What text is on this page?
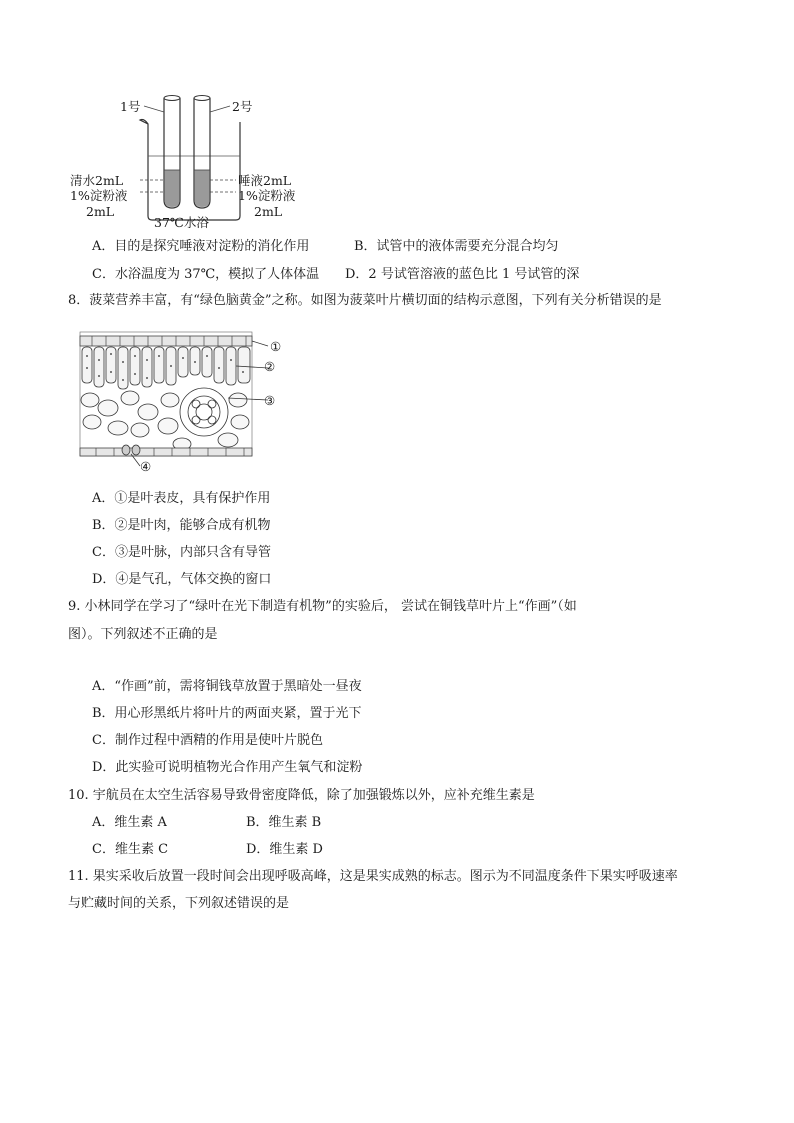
1号	2号
清水2mL
1%淀粉液
2mL
唾液2mL
1%淀粉液
2mL
37℃水浴
A．目的是探究唾液对淀粉的消化作用	B．试管中的液体需要充分混合均匀
C．水浴温度为 37℃，模拟了人体体温 D．2 号试管溶液的蓝色比 1 号试管的深
8．菠菜营养丰富，有“绿色脑黄金”之称。如图为菠菜叶片横切面的结构示意图，下列有关分析错误的是
①
②
③
④
A．①是叶表皮，具有保护作用
B．②是叶肉，能够合成有机物
C．③是叶脉，内部只含有导管
D．④是气孔，气体交换的窗口
9. 小林同学在学习了“绿叶在光下制造有机物”的实验后， 尝试在铜钱草叶片上“作画”（如
图）。下列叙述不正确的是
A．“作画”前，需将铜钱草放置于黑暗处一昼夜
B．用心形黑纸片将叶片的两面夹紧，置于光下
C．制作过程中酒精的作用是使叶片脱色
D．此实验可说明植物光合作用产生氧气和淀粉
10. 宇航员在太空生活容易导致骨密度降低，除了加强锻炼以外，应补充维生素是
A．维生素 A	B．维生素 B
C．维生素 C	D．维生素 D
11. 果实采收后放置一段时间会出现呼吸高峰，这是果实成熟的标志。图示为不同温度条件下果实呼吸速率
与贮藏时间的关系，下列叙述错误的是
